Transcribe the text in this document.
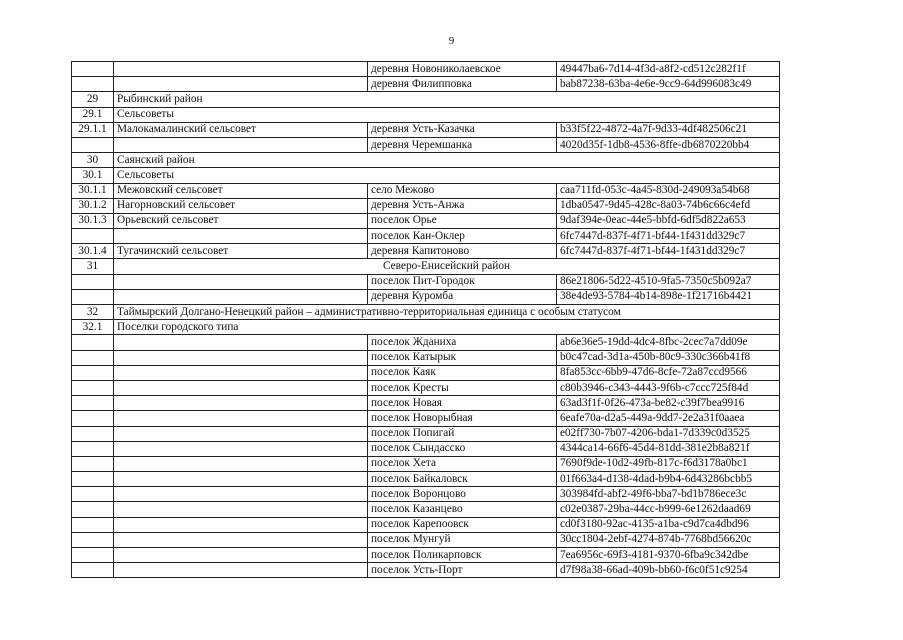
9
		деревня Новониколаевское	49447ba6-7d14-4f3d-a8f2-cd512c282f1f
		деревня Филипповка	bab87238-63ba-4e6e-9cc9-64d996083c49
29	Рыбинский район		
29.1	Сельсоветы		
29.1.1	Малокамалинский сельсовет	деревня Усть-Казачка	b33f5f22-4872-4a7f-9d33-4df482506c21
		деревня Черемшанка	4020d35f-1db8-4536-8ffe-db6870220bb4
30	Саянский район		
30.1	Сельсоветы		
30.1.1	Межовский сельсовет	село Межово	caa711fd-053c-4a45-830d-249093a54b68
30.1.2	Нагорновский сельсовет	деревня Усть-Анжа	1dba0547-9d45-428c-8a03-74b6c66c4efd
30.1.3	Орьевский сельсовет	поселок Орье	9daf394e-0eac-44e5-bbfd-6df5d822a653
		поселок Кан-Оклер	6fc7447d-837f-4f71-bf44-1f431dd329c7
30.1.4	Тугачинский сельсовет	деревня Капитоново	6fc7447d-837f-4f71-bf44-1f431dd329c7
31	Северо-Енисейский район		
		поселок Пит-Городок	86e21806-5d22-4510-9fa5-7350c5b092a7
		деревня Куромба	38e4de93-5784-4b14-898e-1f21716b4421
32	Таймырский Долгано-Ненецкий район – административно-территориальная единица с особым статусом		
32.1	Поселки городского типа		
		поселок Жданиха	ab6e36e5-19dd-4dc4-8fbc-2cec7a7dd09e
		поселок Катырык	b0c47cad-3d1a-450b-80c9-330c366b41f8
		поселок Каяк	8fa853cc-6bb9-47d6-8cfe-72a87ccd9566
		поселок Кресты	c80b3946-c343-4443-9f6b-c7ccc725f84d
		поселок Новая	63ad3f1f-0f26-473a-be82-c39f7bea9916
		поселок Новорыбная	6eafe70a-d2a5-449a-9dd7-2e2a31f0aaea
		поселок Попигай	e02ff730-7b07-4206-bda1-7d339c0d3525
		поселок Сындасско	4344ca14-66f6-45d4-81dd-381e2b8a821f
		поселок Хета	7690f9de-10d2-49fb-817c-f6d3178a0bc1
		поселок Байкаловск	01f663a4-d138-4dad-b9b4-6d43286bcbb5
		поселок Воронцово	303984fd-abf2-49f6-bba7-bd1b786ece3c
		поселок Казанцево	c02e0387-29ba-44cc-b999-6e1262daad69
		поселок Карепоовск	cd0f3180-92ac-4135-a1ba-c9d7ca4dbd96
		поселок Мунгуй	30cc1804-2ebf-4274-874b-7768bd56620c
		поселок Поликарповск	7ea6956c-69f3-4181-9370-6fba9c342dbe
		поселок Усть-Порт	d7f98a38-66ad-409b-bb60-f6c0f51c9254
